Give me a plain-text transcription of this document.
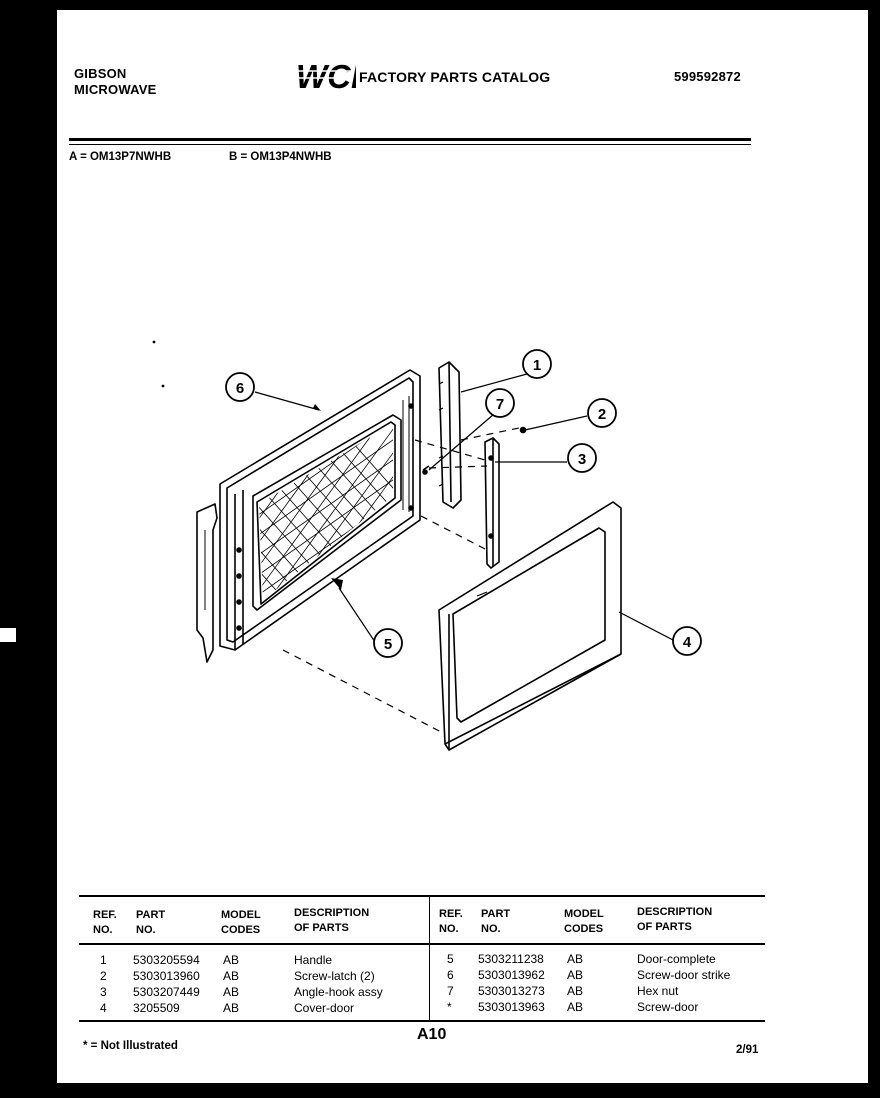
GIBSON
MICROWAVE	WCI
FACTORY PARTS CATALOG	599592872
A = OM13P7NWHB	B = OM13P4NWHB
1
2
3
4
5
6
7
REF.
NO.
PART
NO.
MODEL
CODES
DESCRIPTION
OF PARTS
REF.
NO.
PART
NO.
MODEL
CODES
DESCRIPTION
OF PARTS
1 5303205594 AB	Handle
2 5303013960 AB	Screw-latch (2)
3 5303207449 AB	Angle-hook assy
4 3205509	AB	Cover-door
5 5303211238 AB	Door-complete
6 5303013962 AB	Screw-door strike
7 5303013273 AB	Hex nut
* 5303013963 AB	Screw-door
* = Not Illustrated
A10
2/91
